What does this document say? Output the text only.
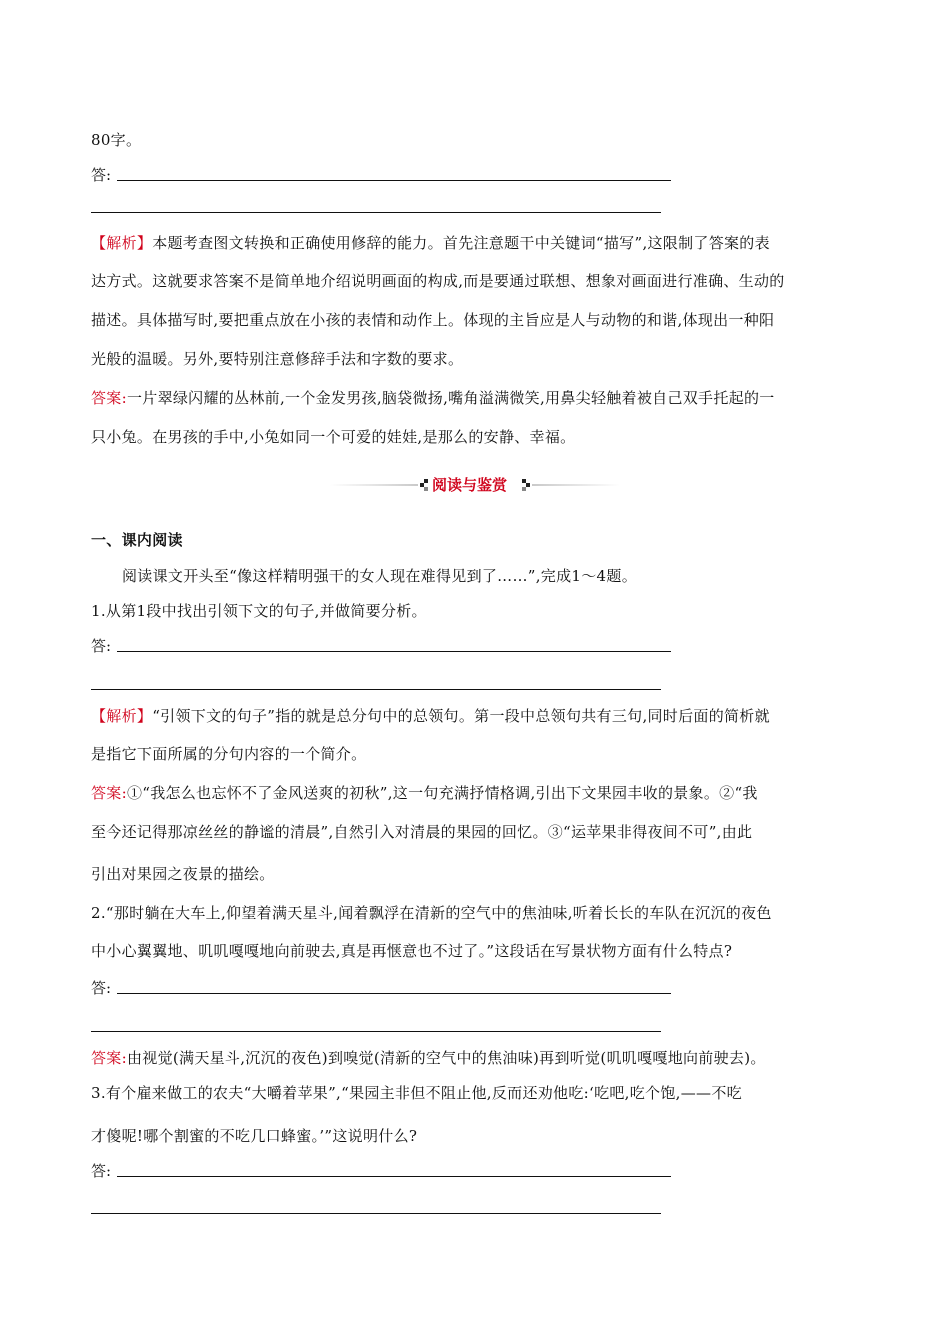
80字。
答:
【解析】本题考查图文转换和正确使用修辞的能力。首先注意题干中关键词“描写”,这限制了答案的表
达方式。这就要求答案不是简单地介绍说明画面的构成,而是要通过联想、想象对画面进行准确、生动的
描述。具体描写时,要把重点放在小孩的表情和动作上。体现的主旨应是人与动物的和谐,体现出一种阳
光般的温暖。另外,要特别注意修辞手法和字数的要求。
答案:一片翠绿闪耀的丛林前,一个金发男孩,脑袋微扬,嘴角溢满微笑,用鼻尖轻触着被自己双手托起的一
只小兔。在男孩的手中,小兔如同一个可爱的娃娃,是那么的安静、幸福。
阅读与鉴赏
一、课内阅读
阅读课文开头至“像这样精明强干的女人现在难得见到了……”,完成1～4题。
1.从第1段中找出引领下文的句子,并做简要分析。
答:
【解析】“引领下文的句子”指的就是总分句中的总领句。第一段中总领句共有三句,同时后面的简析就
是指它下面所属的分句内容的一个简介。
答案:①“我怎么也忘怀不了金风送爽的初秋”,这一句充满抒情格调,引出下文果园丰收的景象。②“我
至今还记得那凉丝丝的静谧的清晨”,自然引入对清晨的果园的回忆。③“运苹果非得夜间不可”,由此
引出对果园之夜景的描绘。
2.“那时躺在大车上,仰望着满天星斗,闻着飘浮在清新的空气中的焦油味,听着长长的车队在沉沉的夜色
中小心翼翼地、叽叽嘎嘎地向前驶去,真是再惬意也不过了。”这段话在写景状物方面有什么特点?
答:
答案:由视觉(满天星斗,沉沉的夜色)到嗅觉(清新的空气中的焦油味)再到听觉(叽叽嘎嘎地向前驶去)。
3.有个雇来做工的农夫“大嚼着苹果”,“果园主非但不阻止他,反而还劝他吃:‘吃吧,吃个饱,——不吃
才傻呢!哪个割蜜的不吃几口蜂蜜。’”这说明什么?
答:
